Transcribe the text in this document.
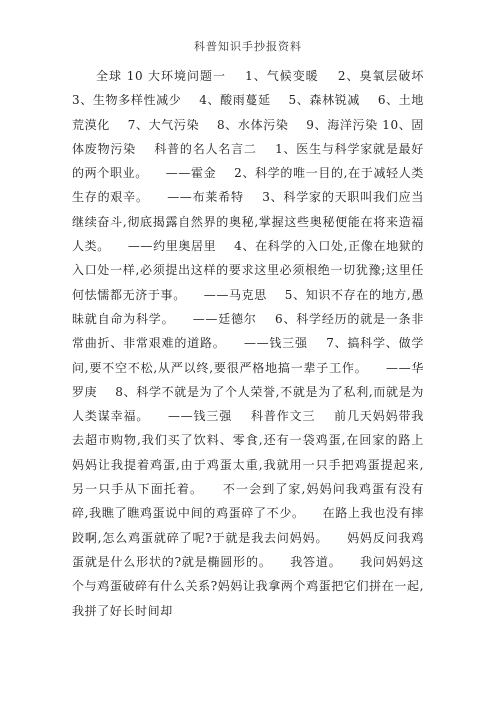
科普知识手抄报资料
全球 10 大环境问题一    1、气候变暖    2、臭氧层破坏 3、生物多样性减少    4、酸雨蔓延    5、森林锐减    6、土地荒漠化    7、大气污染    8、水体污染    9、海洋污染 10、固体废物污染    科普的名人名言二    1、医生与科学家就是最好的两个职业。    ——霍金    2、科学的唯一目的,在于减轻人类生存的艰辛。    ——布莱希特    3、科学家的天职叫我们应当继续奋斗,彻底揭露自然界的奥秘,掌握这些奥秘便能在将来造福人类。    ——约里奥居里    4、在科学的入口处,正像在地狱的入口处一样,必须提出这样的要求这里必须根绝一切犹豫;这里任何怯懦都无济于事。    ——马克思    5、知识不存在的地方,愚昧就自命为科学。    ——廷德尔    6、科学经历的就是一条非常曲折、非常艰难的道路。    ——钱三强    7、搞科学、做学问,要不空不松,从严以终,要很严格地搞一辈子工作。    ——华罗庚    8、科学不就是为了个人荣誉,不就是为了私利,而就是为人类谋幸福。    ——钱三强    科普作文三    前几天妈妈带我去超市购物,我们买了饮料、零食,还有一袋鸡蛋,在回家的路上妈妈让我提着鸡蛋,由于鸡蛋太重,我就用一只手把鸡蛋提起来,另一只手从下面托着。    不一会到了家,妈妈问我鸡蛋有没有碎,我瞧了瞧鸡蛋说中间的鸡蛋碎了不少。    在路上我也没有摔跤啊,怎么鸡蛋就碎了呢?于就是我去问妈妈。    妈妈反问我鸡蛋就是什么形状的?就是椭圆形的。    我答道。    我问妈妈这个与鸡蛋破碎有什么关系?妈妈让我拿两个鸡蛋把它们拼在一起,我拼了好长时间却
